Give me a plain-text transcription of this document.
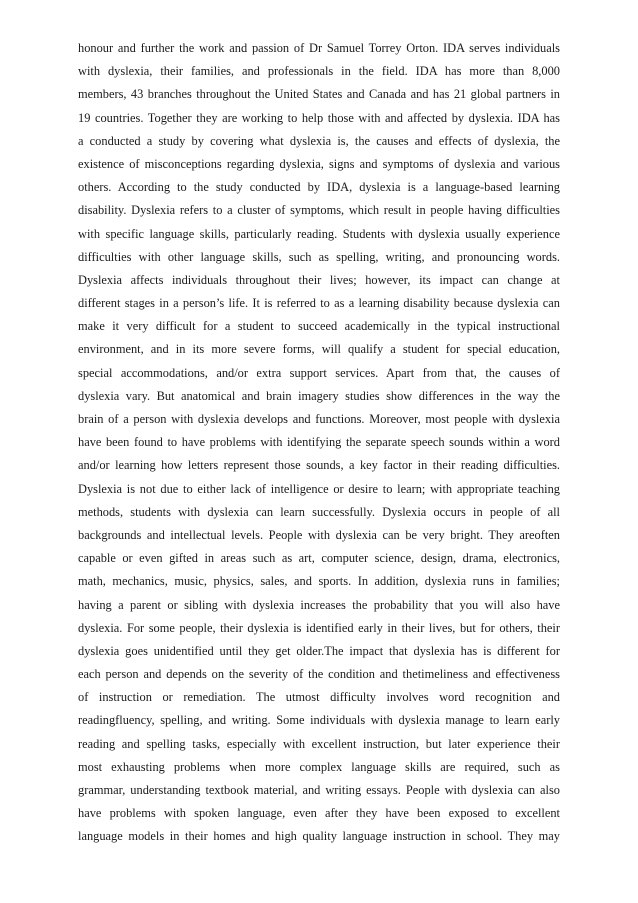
honour and further the work and passion of Dr Samuel Torrey Orton. IDA serves individuals
with dyslexia, their families, and professionals in the field. IDA has more than 8,000
members, 43 branches throughout the United States and Canada and has 21 global partners in
19 countries. Together they are working to help those with and affected by dyslexia. IDA has
a conducted a study by covering what dyslexia is, the causes and effects of dyslexia, the
existence of misconceptions regarding dyslexia, signs and symptoms of dyslexia and various
others. According to the study conducted by IDA, dyslexia is a language-based learning
disability. Dyslexia refers to a cluster of symptoms, which result in people having difficulties
with specific language skills, particularly reading. Students with dyslexia usually experience
difficulties with other language skills, such as spelling, writing, and pronouncing words.
Dyslexia affects individuals throughout their lives; however, its impact can change at
different stages in a person’s life. It is referred to as a learning disability because dyslexia can
make it very difficult for a student to succeed academically in the typical instructional
environment, and in its more severe forms, will qualify a student for special education,
special accommodations, and/or extra support services. Apart from that, the causes of
dyslexia vary. But anatomical and brain imagery studies show differences in the way the
brain of a person with dyslexia develops and functions. Moreover, most people with dyslexia
have been found to have problems with identifying the separate speech sounds within a word
and/or learning how letters represent those sounds, a key factor in their reading difficulties.
Dyslexia is not due to either lack of intelligence or desire to learn; with appropriate teaching
methods, students with dyslexia can learn successfully. Dyslexia occurs in people of all
backgrounds and intellectual levels. People with dyslexia can be very bright. They areoften
capable or even gifted in areas such as art, computer science, design, drama, electronics,
math, mechanics, music, physics, sales, and sports. In addition, dyslexia runs in families;
having a parent or sibling with dyslexia increases the probability that you will also have
dyslexia. For some people, their dyslexia is identified early in their lives, but for others, their
dyslexia goes unidentified until they get older.The impact that dyslexia has is different for
each person and depends on the severity of the condition and thetimeliness and effectiveness
of instruction or remediation. The utmost difficulty involves word recognition and
readingfluency, spelling, and writing. Some individuals with dyslexia manage to learn early
reading and spelling tasks, especially with excellent instruction, but later experience their
most exhausting problems when more complex language skills are required, such as
grammar, understanding textbook material, and writing essays. People with dyslexia can also
have problems with spoken language, even after they have been exposed to excellent
language models in their homes and high quality language instruction in school. They may
